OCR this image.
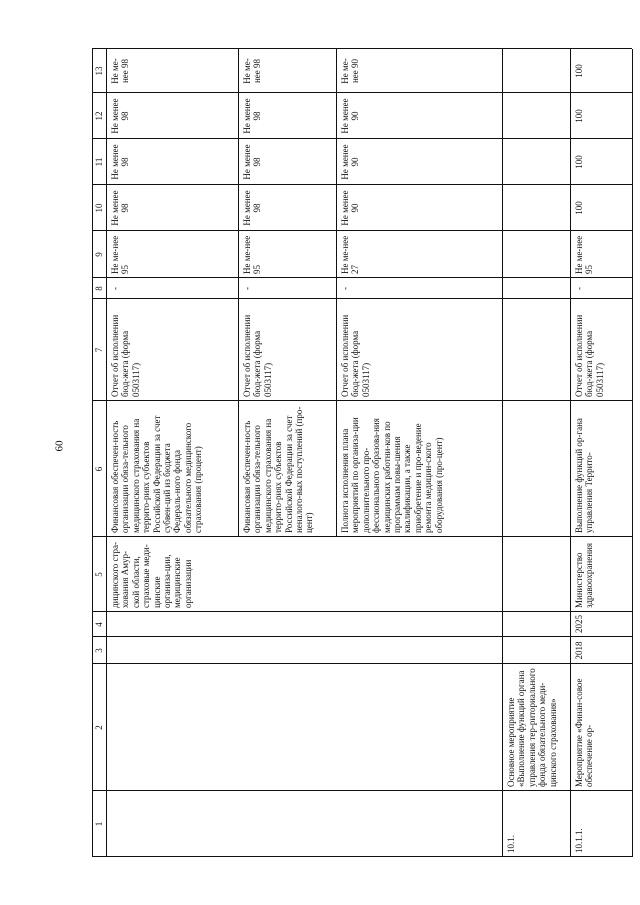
60
1
2
3
4
5
6
7
8
9
10
11
12
13
дицинского стра-хования Амур-ской области, страховые меди-цинские организа-ции, медицинские организации
Финансовая обеспечен-ность организации обяза-тельного медицинского страхования на террито-риях субъектов Российской Федерации за счет субвен-ций из бюджета Федераль-ного фонда обязательного медицинского страхования (процент)
Отчет об исполнении бюд-жета (форма 0503117)
-
Не ме-нее 95
Не менее 98
Не менее 98
Не менее 98
Не ме-нее 98
Финансовая обеспечен-ность организации обяза-тельного медицинского страхования на террито-риях субъектов Российской Федерации за счет неналого-вых поступлений (про-цент)
Отчет об исполнении бюд-жета (форма 0503117)
-
Не ме-нее 95
Не менее 98
Не менее 98
Не менее 98
Не ме-нее 98
Полнота исполнения плана мероприятий по организа-ции дополнительного про-фессионального образова-ния медицинских работни-ков по программам повы-шения квалификации, а также приобретение и про-ведение ремонта медицин-ского оборудования (про-цент)
Отчет об исполнении бюд-жета (форма 0503117)
-
Не ме-нее 27
Не менее 90
Не менее 90
Не менее 90
Не ме-нее 90
10.1.
Основное мероприятие «Выполнение функций органа управления тер-риториального фонда обязательного меди-цинского страхования»
10.1.1.
Мероприятие «Финан-совое обеспечение ор-
2018
2025
Министерство здравоохранения
Выполнение функций ор-гана управления Террито-
Отчет об исполнении бюд-жета (форма 0503117)
-
Не ме-нее 95
100
100
100
100
